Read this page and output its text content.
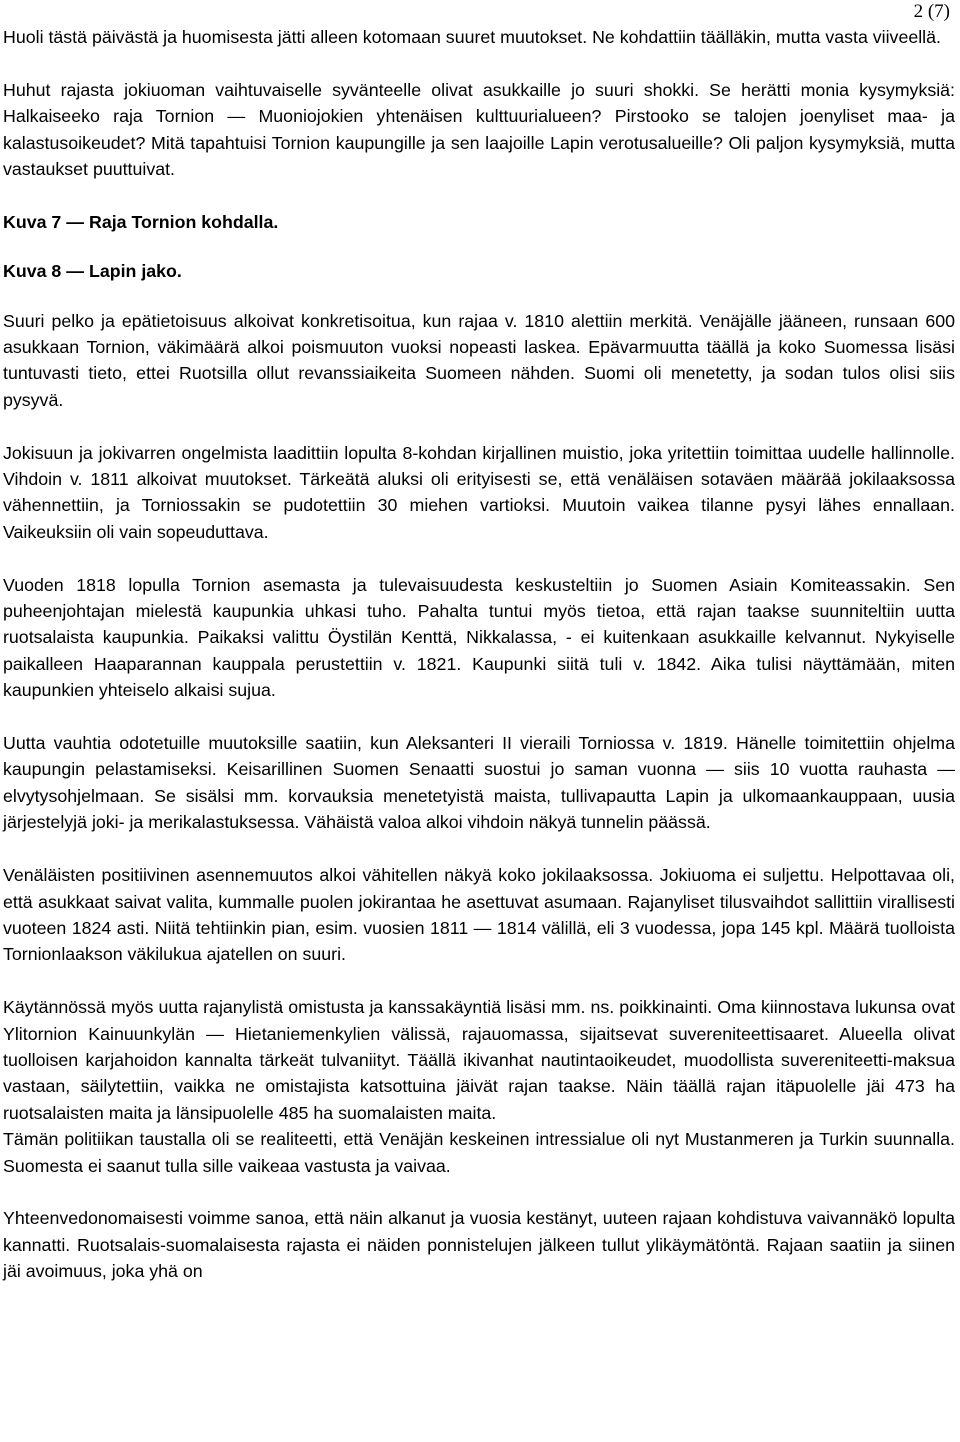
2 (7)

Huoli tästä päivästä ja huomisesta jätti alleen kotomaan suuret muutokset. Ne kohdattiin täälläkin, mutta vasta viiveellä.

Huhut rajasta jokiuoman vaihtuvaiselle syvänteelle olivat asukkaille jo suuri shokki. Se herätti monia kysymyksiä: Halkaiseeko raja Tornion — Muoniojokien yhtenäisen kulttuurialueen? Pirstooko se talojen joenyliset maa- ja kalastusoikeudet? Mitä tapahtuisi Tornion kaupungille ja sen laajoille Lapin verotusalueille? Oli paljon kysymyksiä, mutta vastaukset puuttuivat.

Kuva 7 — Raja Tornion kohdalla.

Kuva 8 — Lapin jako.

Suuri pelko ja epätietoisuus alkoivat konkretisoitua, kun rajaa v. 1810 alettiin merkitä. Venäjälle jääneen, runsaan 600 asukkaan Tornion, väkimäärä alkoi poismuuton vuoksi nopeasti laskea. Epävarmuutta täällä ja koko Suomessa lisäsi tuntuvasti tieto, ettei Ruotsilla ollut revanssiaikeita Suomeen nähden. Suomi oli menetetty, ja sodan tulos olisi siis pysyvä.

Jokisuun ja jokivarren ongelmista laadittiin lopulta 8-kohdan kirjallinen muistio, joka yritettiin toimittaa uudelle hallinnolle. Vihdoin v. 1811 alkoivat muutokset. Tärkeätä aluksi oli erityisesti se, että venäläisen sotaväen määrää jokilaaksossa vähennettiin, ja Torniossakin se pudotettiin 30 miehen vartioksi. Muutoin vaikea tilanne pysyi lähes ennallaan. Vaikeuksiin oli vain sopeuduttava.

Vuoden 1818 lopulla Tornion asemasta ja tulevaisuudesta keskusteltiin jo Suomen Asiain Komiteassakin. Sen puheenjohtajan mielestä kaupunkia uhkasi tuho. Pahalta tuntui myös tietoa, että rajan taakse suunniteltiin uutta ruotsalaista kaupunkia. Paikaksi valittu Öystilän Kenttä, Nikkalassa, - ei kuitenkaan asukkaille kelvannut. Nykyiselle paikalleen Haaparannan kauppala perustettiin v. 1821. Kaupunki siitä tuli v. 1842. Aika tulisi näyttämään, miten kaupunkien yhteiselo alkaisi sujua.

Uutta vauhtia odotetuille muutoksille saatiin, kun Aleksanteri II vieraili Torniossa v. 1819. Hänelle toimitettiin ohjelma kaupungin pelastamiseksi. Keisarillinen Suomen Senaatti suostui jo saman vuonna — siis 10 vuotta rauhasta — elvytysohjelmaan. Se sisälsi mm. korvauksia menetetyistä maista, tullivapautta Lapin ja ulkomaankauppaan, uusia järjestelyjä joki- ja merikalastuksessa. Vähäistä valoa alkoi vihdoin näkyä tunnelin päässä.

Venäläisten positiivinen asennemuutos alkoi vähitellen näkyä koko jokilaaksossa. Jokiuoma ei suljettu. Helpottavaa oli, että asukkaat saivat valita, kummalle puolen jokirantaa he asettuvat asumaan. Rajanyliset tilusvaihdot sallittiin virallisesti vuoteen 1824 asti. Niitä tehtiinkin pian, esim. vuosien 1811 — 1814 välillä, eli 3 vuodessa, jopa 145 kpl. Määrä tuolloista Tornionlaakson väkilukua ajatellen on suuri.

Käytännössä myös uutta rajanylistä omistusta ja kanssakäyntiä lisäsi mm. ns. poikkinainti. Oma kiinnostava lukunsa ovat Ylitornion Kainuunkylän — Hietaniemenkylien välissä, rajauomassa, sijaitsevat suvereniteettisaaret. Alueella olivat tuolloisen karjahoidon kannalta tärkeät tulvaniityt. Täällä ikivanhat nautintaoikeudet, muodollista suvereniteetti-maksua vastaan, säilytettiin, vaikka ne omistajista katsottuina jäivät rajan taakse. Näin täällä rajan itäpuolelle jäi 473 ha ruotsalaisten maita ja länsipuolelle 485 ha suomalaisten maita.

Tämän politiikan taustalla oli se realiteetti, että Venäjän keskeinen intressialue oli nyt Mustanmeren ja Turkin suunnalla. Suomesta ei saanut tulla sille vaikeaa vastusta ja vaivaa.

Yhteenvedonomaisesti voimme sanoa, että näin alkanut ja vuosia kestänyt, uuteen rajaan kohdistuva vaivannäkö lopulta kannatti. Ruotsalais-suomalaisesta rajasta ei näiden ponnistelujen jälkeen tullut ylikäymätöntä. Rajaan saatiin ja siinen jäi avoimuus, joka yhä on
